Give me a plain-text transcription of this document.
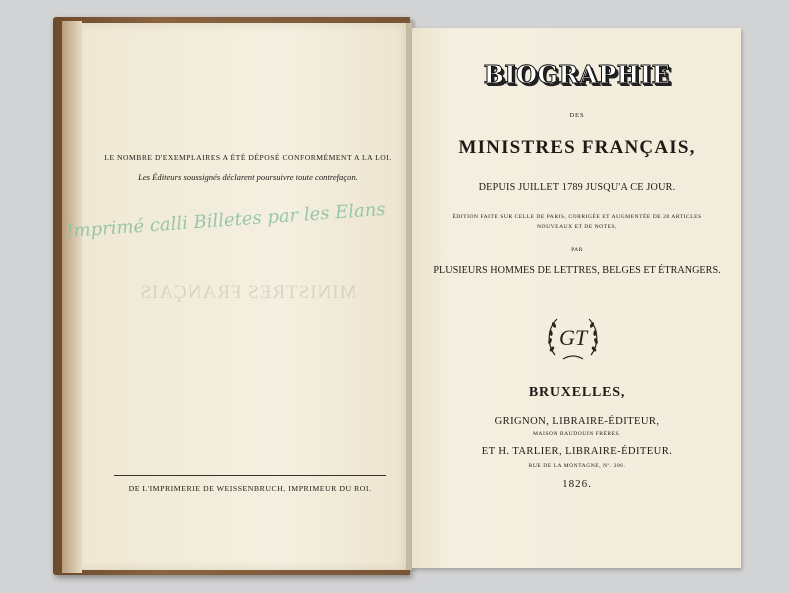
LE NOMBRE D'EXEMPLAIRES A ÉTÉ DÉPOSÉ CONFORMÉMENT A LA LOI.
Les Éditeurs soussignés déclarent poursuivre toute contrefaçon.
Imprimé calli Billetes par les Elans
MINISTRES FRANÇAIS
DE L'IMPRIMERIE DE WEISSENBRUCH, IMPRIMEUR DU ROI.
BIOGRAPHIE
DES
MINISTRES FRANÇAIS,
DEPUIS JUILLET 1789 JUSQU'A CE JOUR.
ÉDITION FAITE SUR CELLE DE PARIS, CORRIGÉE ET AUGMENTÉE DE 28 ARTICLES
NOUVEAUX ET DE NOTES,
PAR
PLUSIEURS HOMMES DE LETTRES, BELGES ET ÉTRANGERS.
GT
BRUXELLES,
GRIGNON, LIBRAIRE-ÉDITEUR,
MAISON BAUDOUIN FRÈRES.
ET H. TARLIER, LIBRAIRE-ÉDITEUR.
RUE DE LA MONTAGNE, Nº. 306.
1826.
